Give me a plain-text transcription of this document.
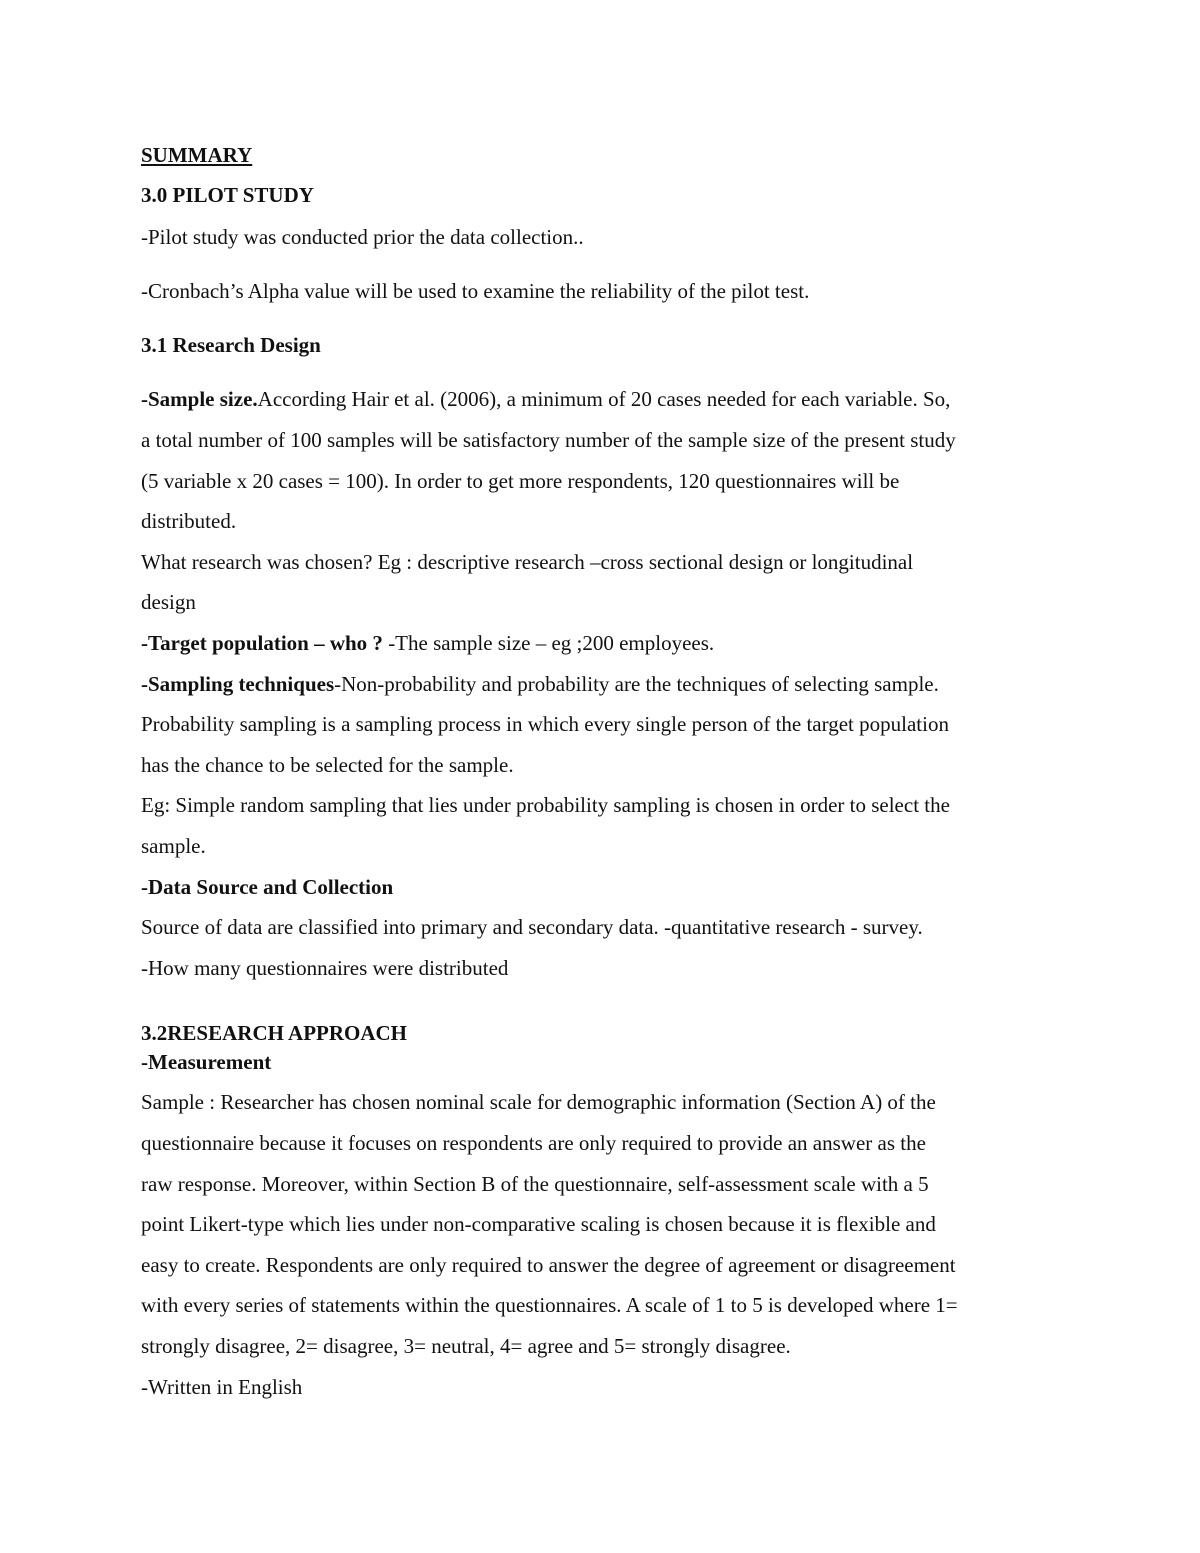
SUMMARY
3.0 PILOT STUDY
-Pilot study was conducted prior the data collection..
-Cronbach’s Alpha value will be used to examine the reliability of the pilot test.
3.1 Research Design
-Sample size.According Hair et al. (2006), a minimum of 20 cases needed for each variable. So,
a total number of 100 samples will be satisfactory number of the sample size of the present study
(5 variable x 20 cases = 100). In order to get more respondents, 120 questionnaires will be
distributed.
What research was chosen? Eg : descriptive research –cross sectional design or longitudinal
design
-Target population – who ? -The sample size – eg ;200 employees.
-Sampling techniques-Non-probability and probability are the techniques of selecting sample.
Probability sampling is a sampling process in which every single person of the target population
has the chance to be selected for the sample.
Eg: Simple random sampling that lies under probability sampling is chosen in order to select the
sample.
-Data Source and Collection
Source of data are classified into primary and secondary data. -quantitative research - survey.
-How many questionnaires were distributed
3.2RESEARCH APPROACH
-Measurement
Sample : Researcher has chosen nominal scale for demographic information (Section A) of the
questionnaire because it focuses on respondents are only required to provide an answer as the
raw response. Moreover, within Section B of the questionnaire, self-assessment scale with a 5
point Likert-type which lies under non-comparative scaling is chosen because it is flexible and
easy to create. Respondents are only required to answer the degree of agreement or disagreement
with every series of statements within the questionnaires. A scale of 1 to 5 is developed where 1=
strongly disagree, 2= disagree, 3= neutral, 4= agree and 5= strongly disagree.
-Written in English
